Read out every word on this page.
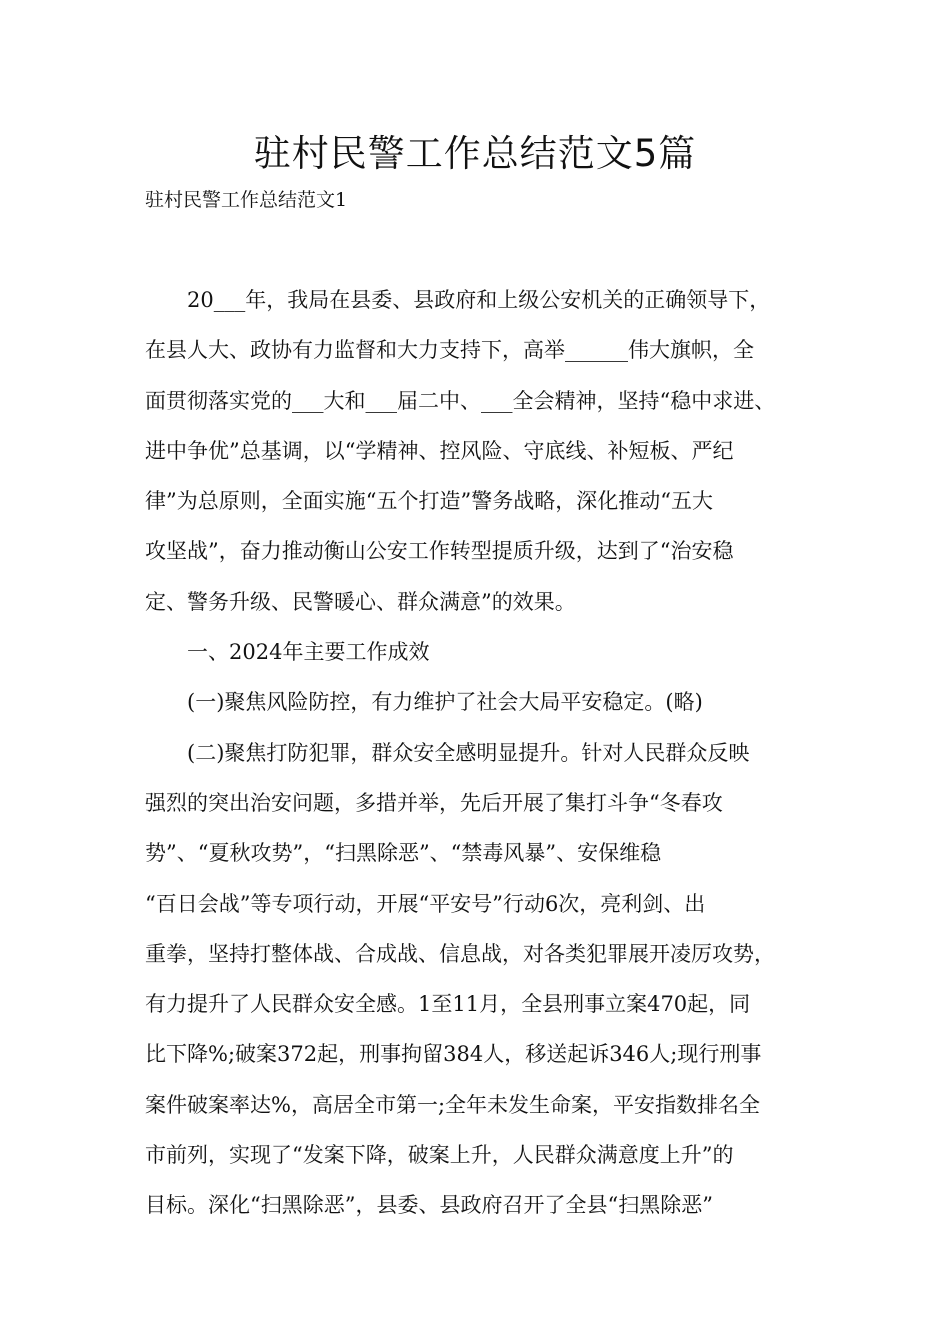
驻村民警工作总结范文5篇

驻村民警工作总结范文1

20___年，我局在县委、县政府和上级公安机关的正确领导下，
在县人大、政协有力监督和大力支持下，高举______伟大旗帜，全
面贯彻落实党的___大和___届二中、___全会精神，坚持“稳中求进、
进中争优”总基调，以“学精神、控风险、守底线、补短板、严纪
律”为总原则，全面实施“五个打造”警务战略，深化推动“五大
攻坚战”，奋力推动衡山公安工作转型提质升级，达到了“治安稳
定、警务升级、民警暖心、群众满意”的效果。
一、2024年主要工作成效
(一)聚焦风险防控，有力维护了社会大局平安稳定。(略)
(二)聚焦打防犯罪，群众安全感明显提升。针对人民群众反映
强烈的突出治安问题，多措并举，先后开展了集打斗争“冬春攻
势”、“夏秋攻势”，“扫黑除恶”、“禁毒风暴”、安保维稳
“百日会战”等专项行动，开展“平安号”行动6次，亮利剑、出
重拳，坚持打整体战、合成战、信息战，对各类犯罪展开凌厉攻势，
有力提升了人民群众安全感。1至11月，全县刑事立案470起，同
比下降%;破案372起，刑事拘留384人，移送起诉346人;现行刑事
案件破案率达%，高居全市第一;全年未发生命案，平安指数排名全
市前列，实现了“发案下降，破案上升，人民群众满意度上升”的
目标。深化“扫黑除恶”，县委、县政府召开了全县“扫黑除恶”
